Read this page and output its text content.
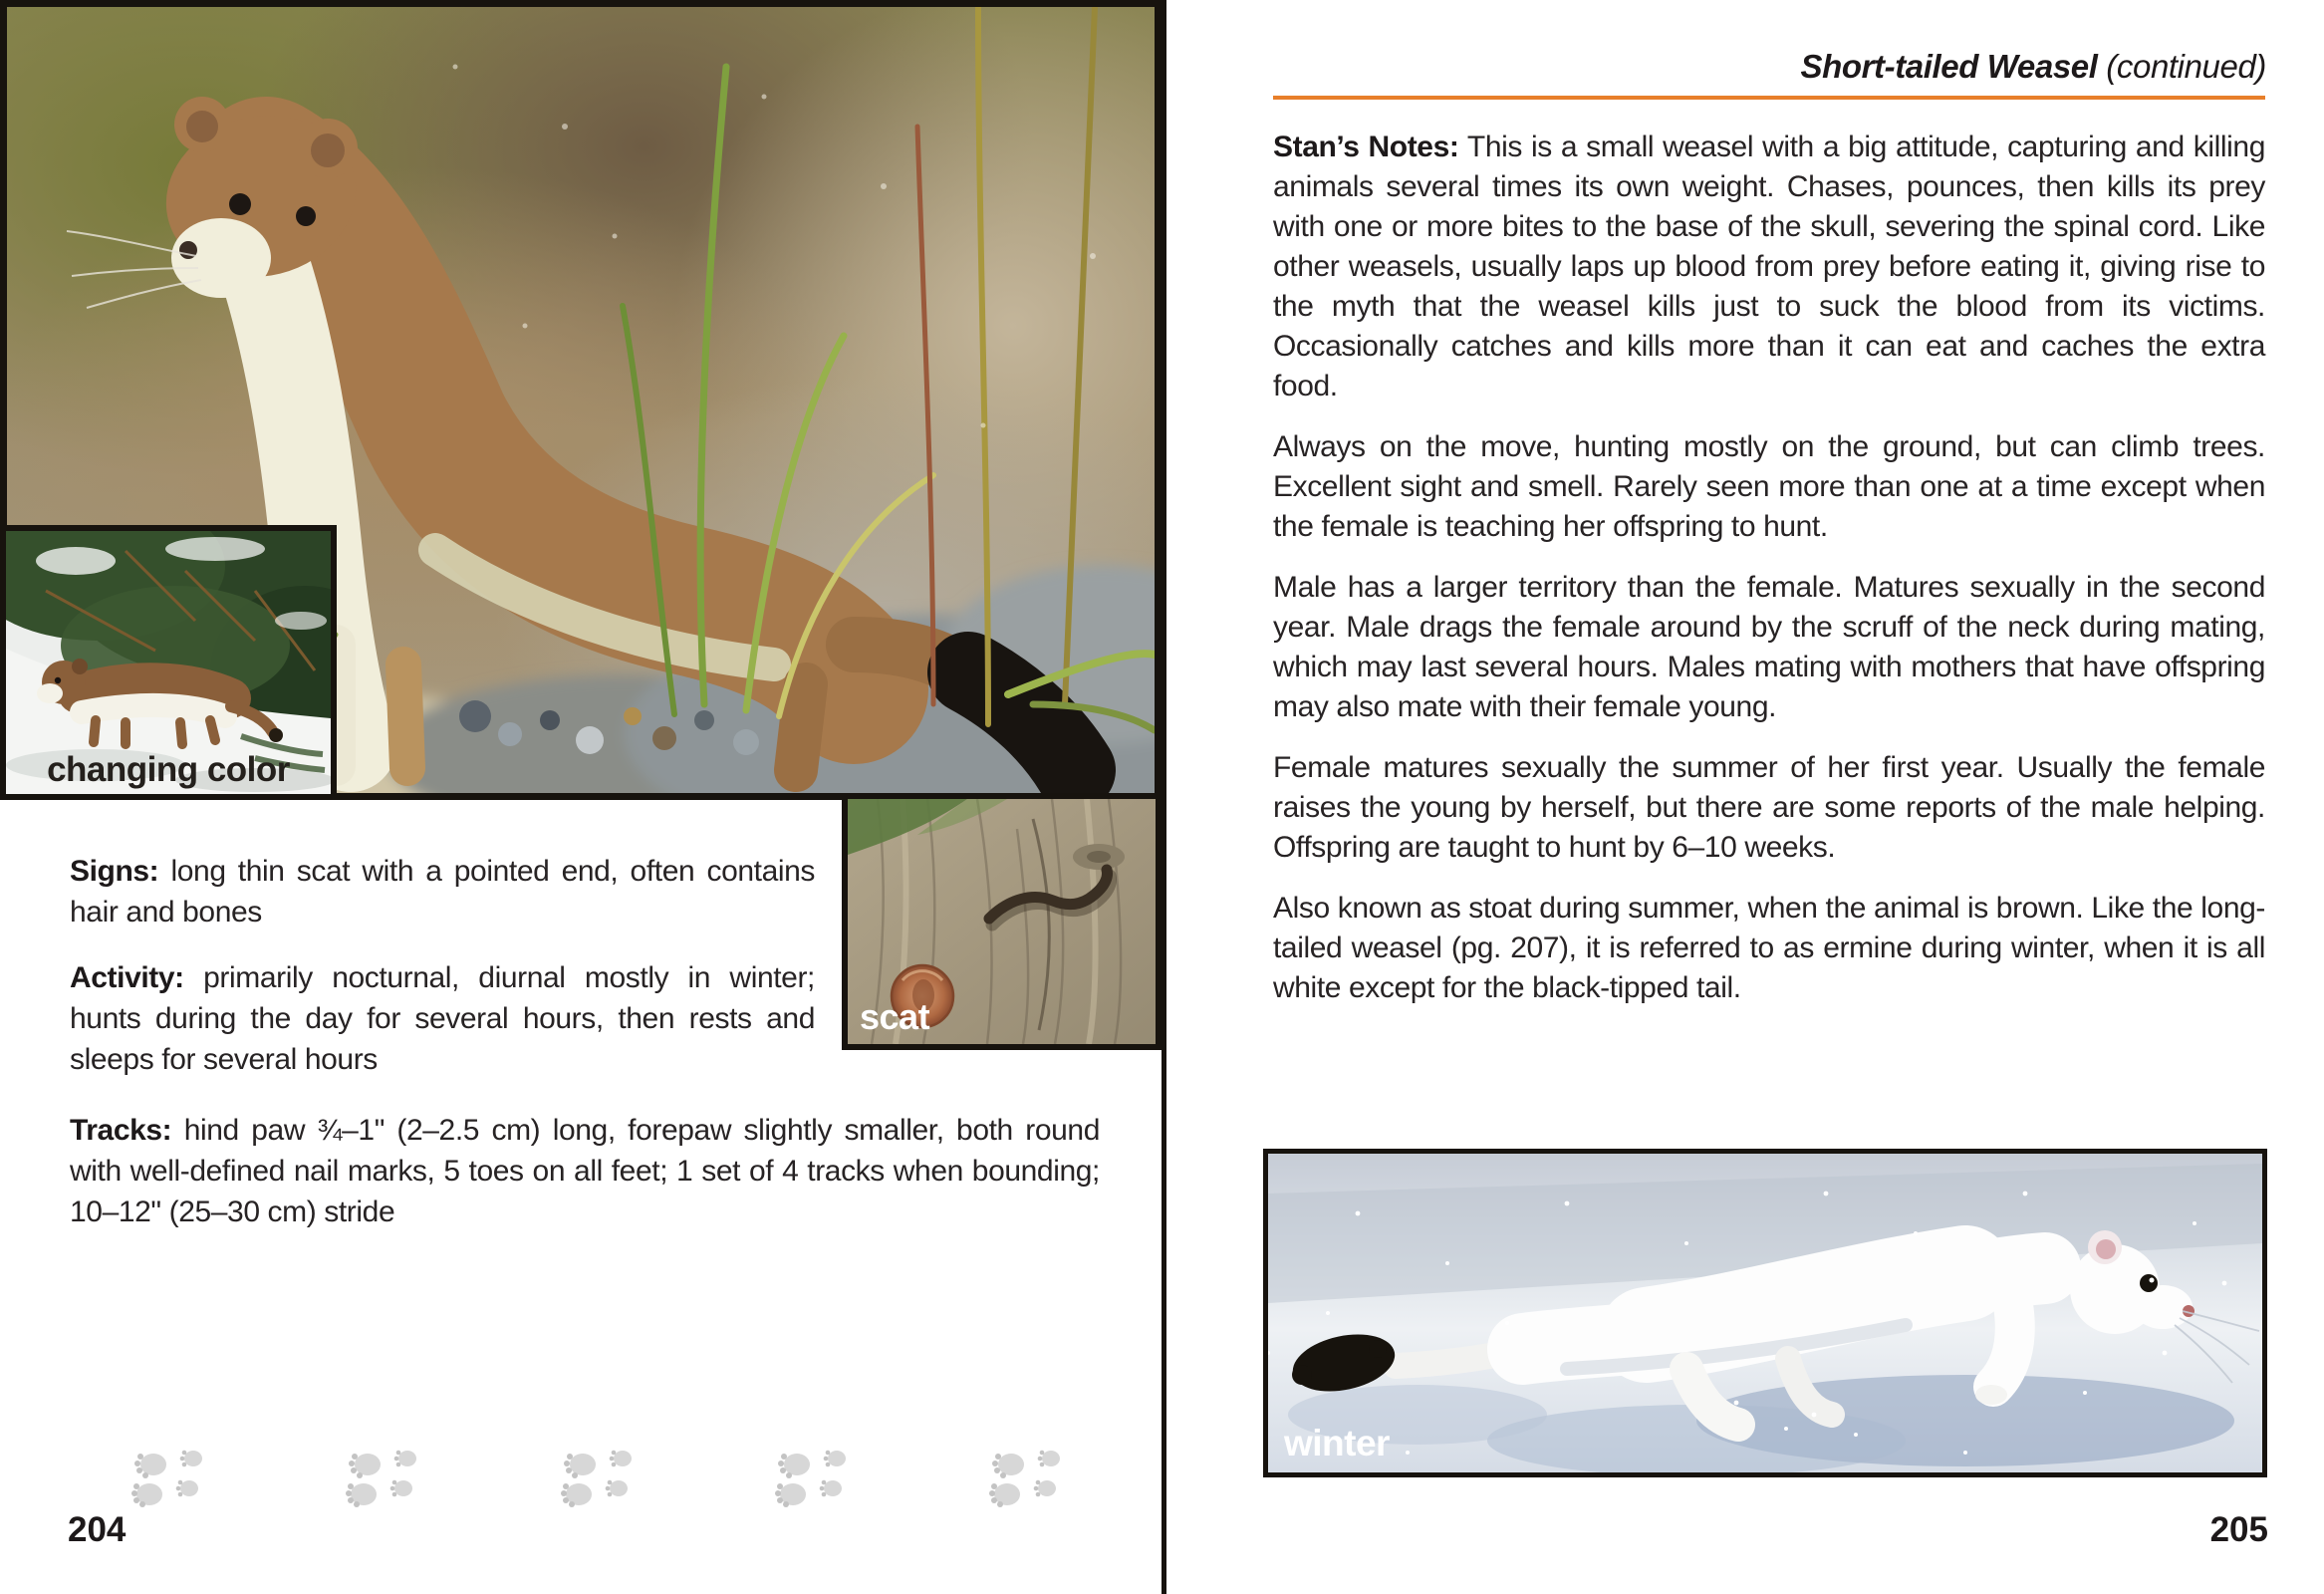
changing color
scat

Signs: long thin scat with a pointed end, often contains hair and bones

Activity: primarily nocturnal, diurnal mostly in winter; hunts during the day for several hours, then rests and sleeps for several hours

Tracks: hind paw ¾–1" (2–2.5 cm) long, forepaw slightly smaller, both round with well-defined nail marks, 5 toes on all feet; 1 set of 4 tracks when bounding; 10–12" (25–30 cm) stride

204
Short-tailed Weasel (continued)

Stan’s Notes: This is a small weasel with a big attitude, capturing and killing animals several times its own weight. Chases, pounces, then kills its prey with one or more bites to the base of the skull, severing the spinal cord. Like other weasels, usually laps up blood from prey before eating it, giving rise to the myth that the weasel kills just to suck the blood from its victims. Occasionally catches and kills more than it can eat and caches the extra food.

Always on the move, hunting mostly on the ground, but can climb trees. Excellent sight and smell. Rarely seen more than one at a time except when the female is teaching her offspring to hunt.

Male has a larger territory than the female. Matures sexually in the second year. Male drags the female around by the scruff of the neck during mating, which may last several hours. Males mating with mothers that have offspring may also mate with their female young.

Female matures sexually the summer of her first year. Usually the female raises the young by herself, but there are some reports of the male helping. Offspring are taught to hunt by 6–10 weeks.

Also known as stoat during summer, when the animal is brown. Like the long-tailed weasel (pg. 207), it is referred to as ermine during winter, when it is all white except for the black-tipped tail.

winter
205
